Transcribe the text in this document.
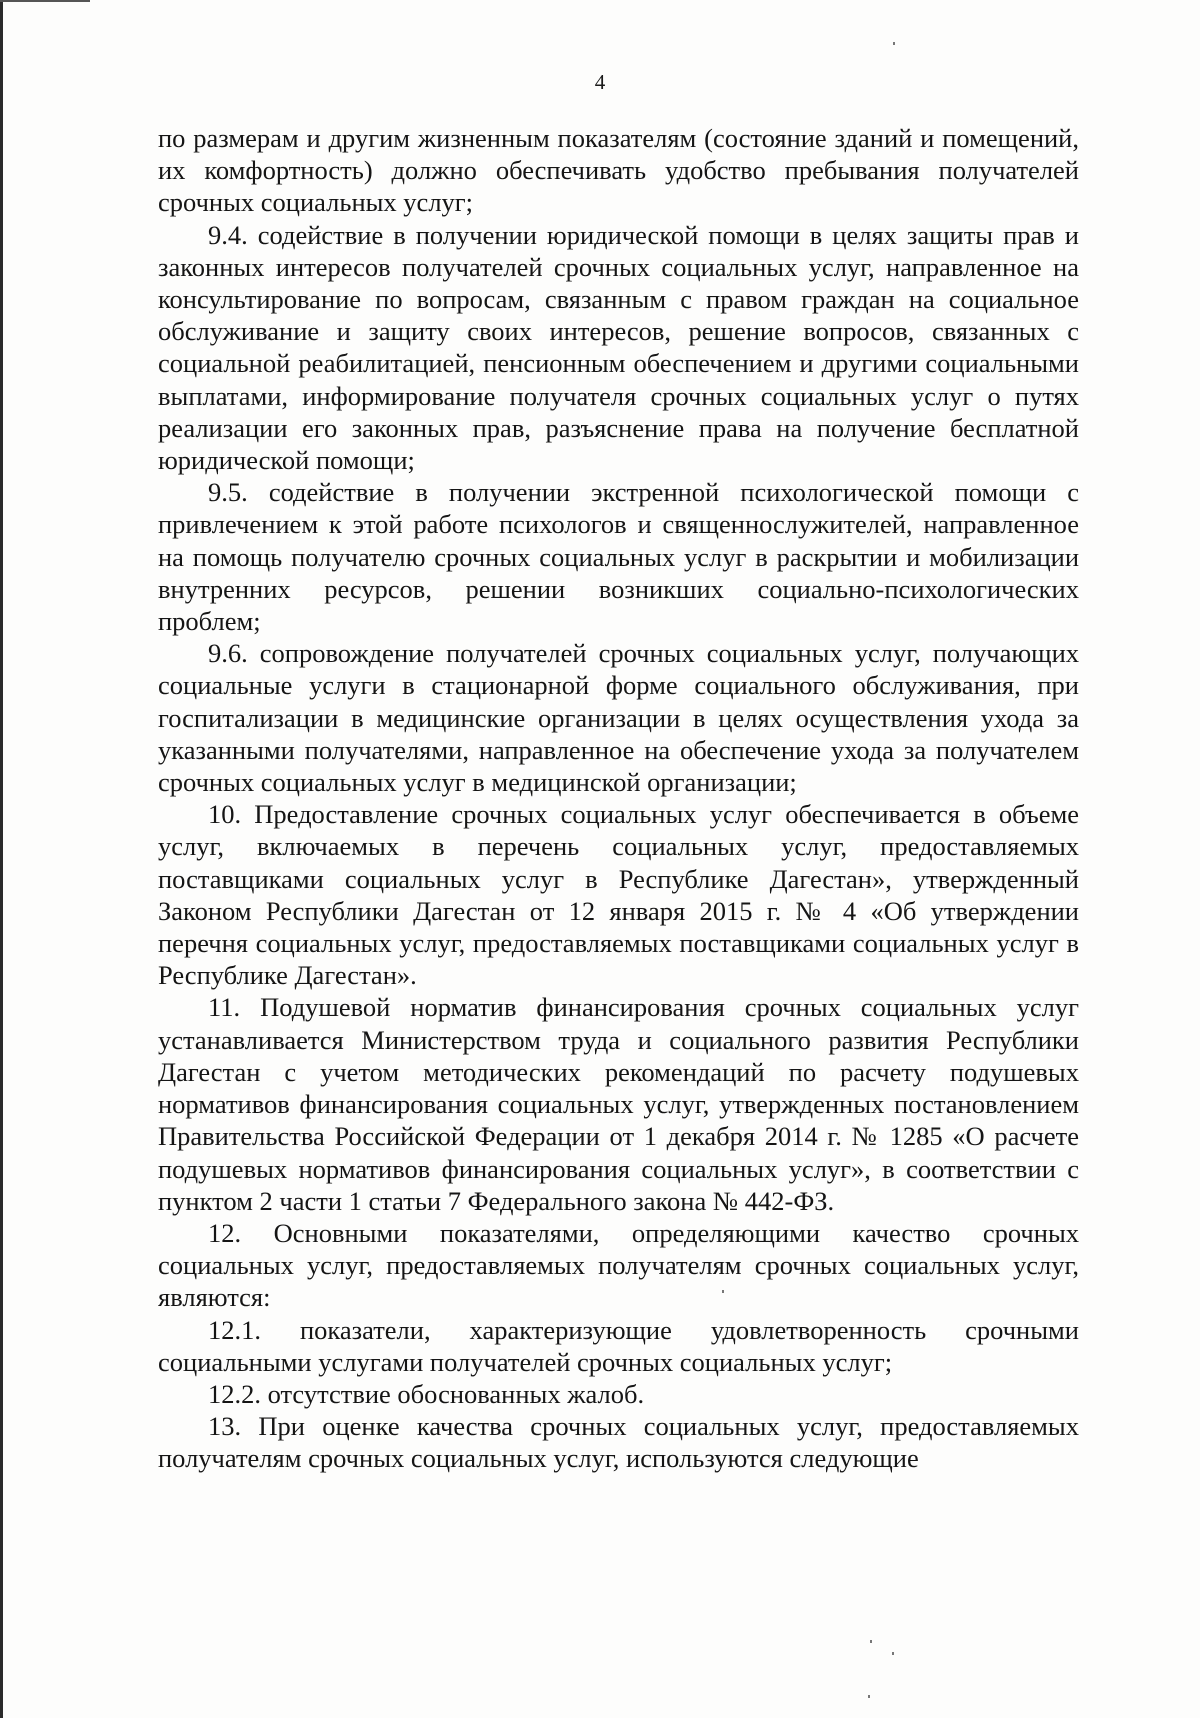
4

по размерам и другим жизненным показателям (состояние зданий и помещений, их комфортность) должно обеспечивать удобство пребывания получателей срочных социальных услуг;

9.4. содействие в получении юридической помощи в целях защиты прав и законных интересов получателей срочных социальных услуг, направленное на консультирование по вопросам, связанным с правом граждан на социальное обслуживание и защиту своих интересов, решение вопросов, связанных с социальной реабилитацией, пенсионным обеспечением и другими социальными выплатами, информирование получателя срочных социальных услуг о путях реализации его законных прав, разъяснение права на получение бесплатной юридической помощи;

9.5. содействие в получении экстренной психологической помощи с привлечением к этой работе психологов и священнослужителей, направленное на помощь получателю срочных социальных услуг в раскрытии и мобилизации внутренних ресурсов, решении возникших социально-психологических проблем;

9.6. сопровождение получателей срочных социальных услуг, получающих социальные услуги в стационарной форме социального обслуживания, при госпитализации в медицинские организации в целях осуществления ухода за указанными получателями, направленное на обеспечение ухода за получателем срочных социальных услуг в медицинской организации;

10. Предоставление срочных социальных услуг обеспечивается в объеме услуг, включаемых в перечень социальных услуг, предоставляемых поставщиками социальных услуг в Республике Дагестан», утвержденный Законом Республики Дагестан от 12 января 2015 г. № 4 «Об утверждении перечня социальных услуг, предоставляемых поставщиками социальных услуг в Республике Дагестан».

11. Подушевой норматив финансирования срочных социальных услуг устанавливается Министерством труда и социального развития Республики Дагестан с учетом методических рекомендаций по расчету подушевых нормативов финансирования социальных услуг, утвержденных постановлением Правительства Российской Федерации от 1 декабря 2014 г. № 1285 «О расчете подушевых нормативов финансирования социальных услуг», в соответствии с пунктом 2 части 1 статьи 7 Федерального закона № 442-ФЗ.

12. Основными показателями, определяющими качество срочных социальных услуг, предоставляемых получателям срочных социальных услуг, являются:

12.1. показатели, характеризующие удовлетворенность срочными социальными услугами получателей срочных социальных услуг;

12.2. отсутствие обоснованных жалоб.

13. При оценке качества срочных социальных услуг, предоставляемых получателям срочных социальных услуг, используются следующие
